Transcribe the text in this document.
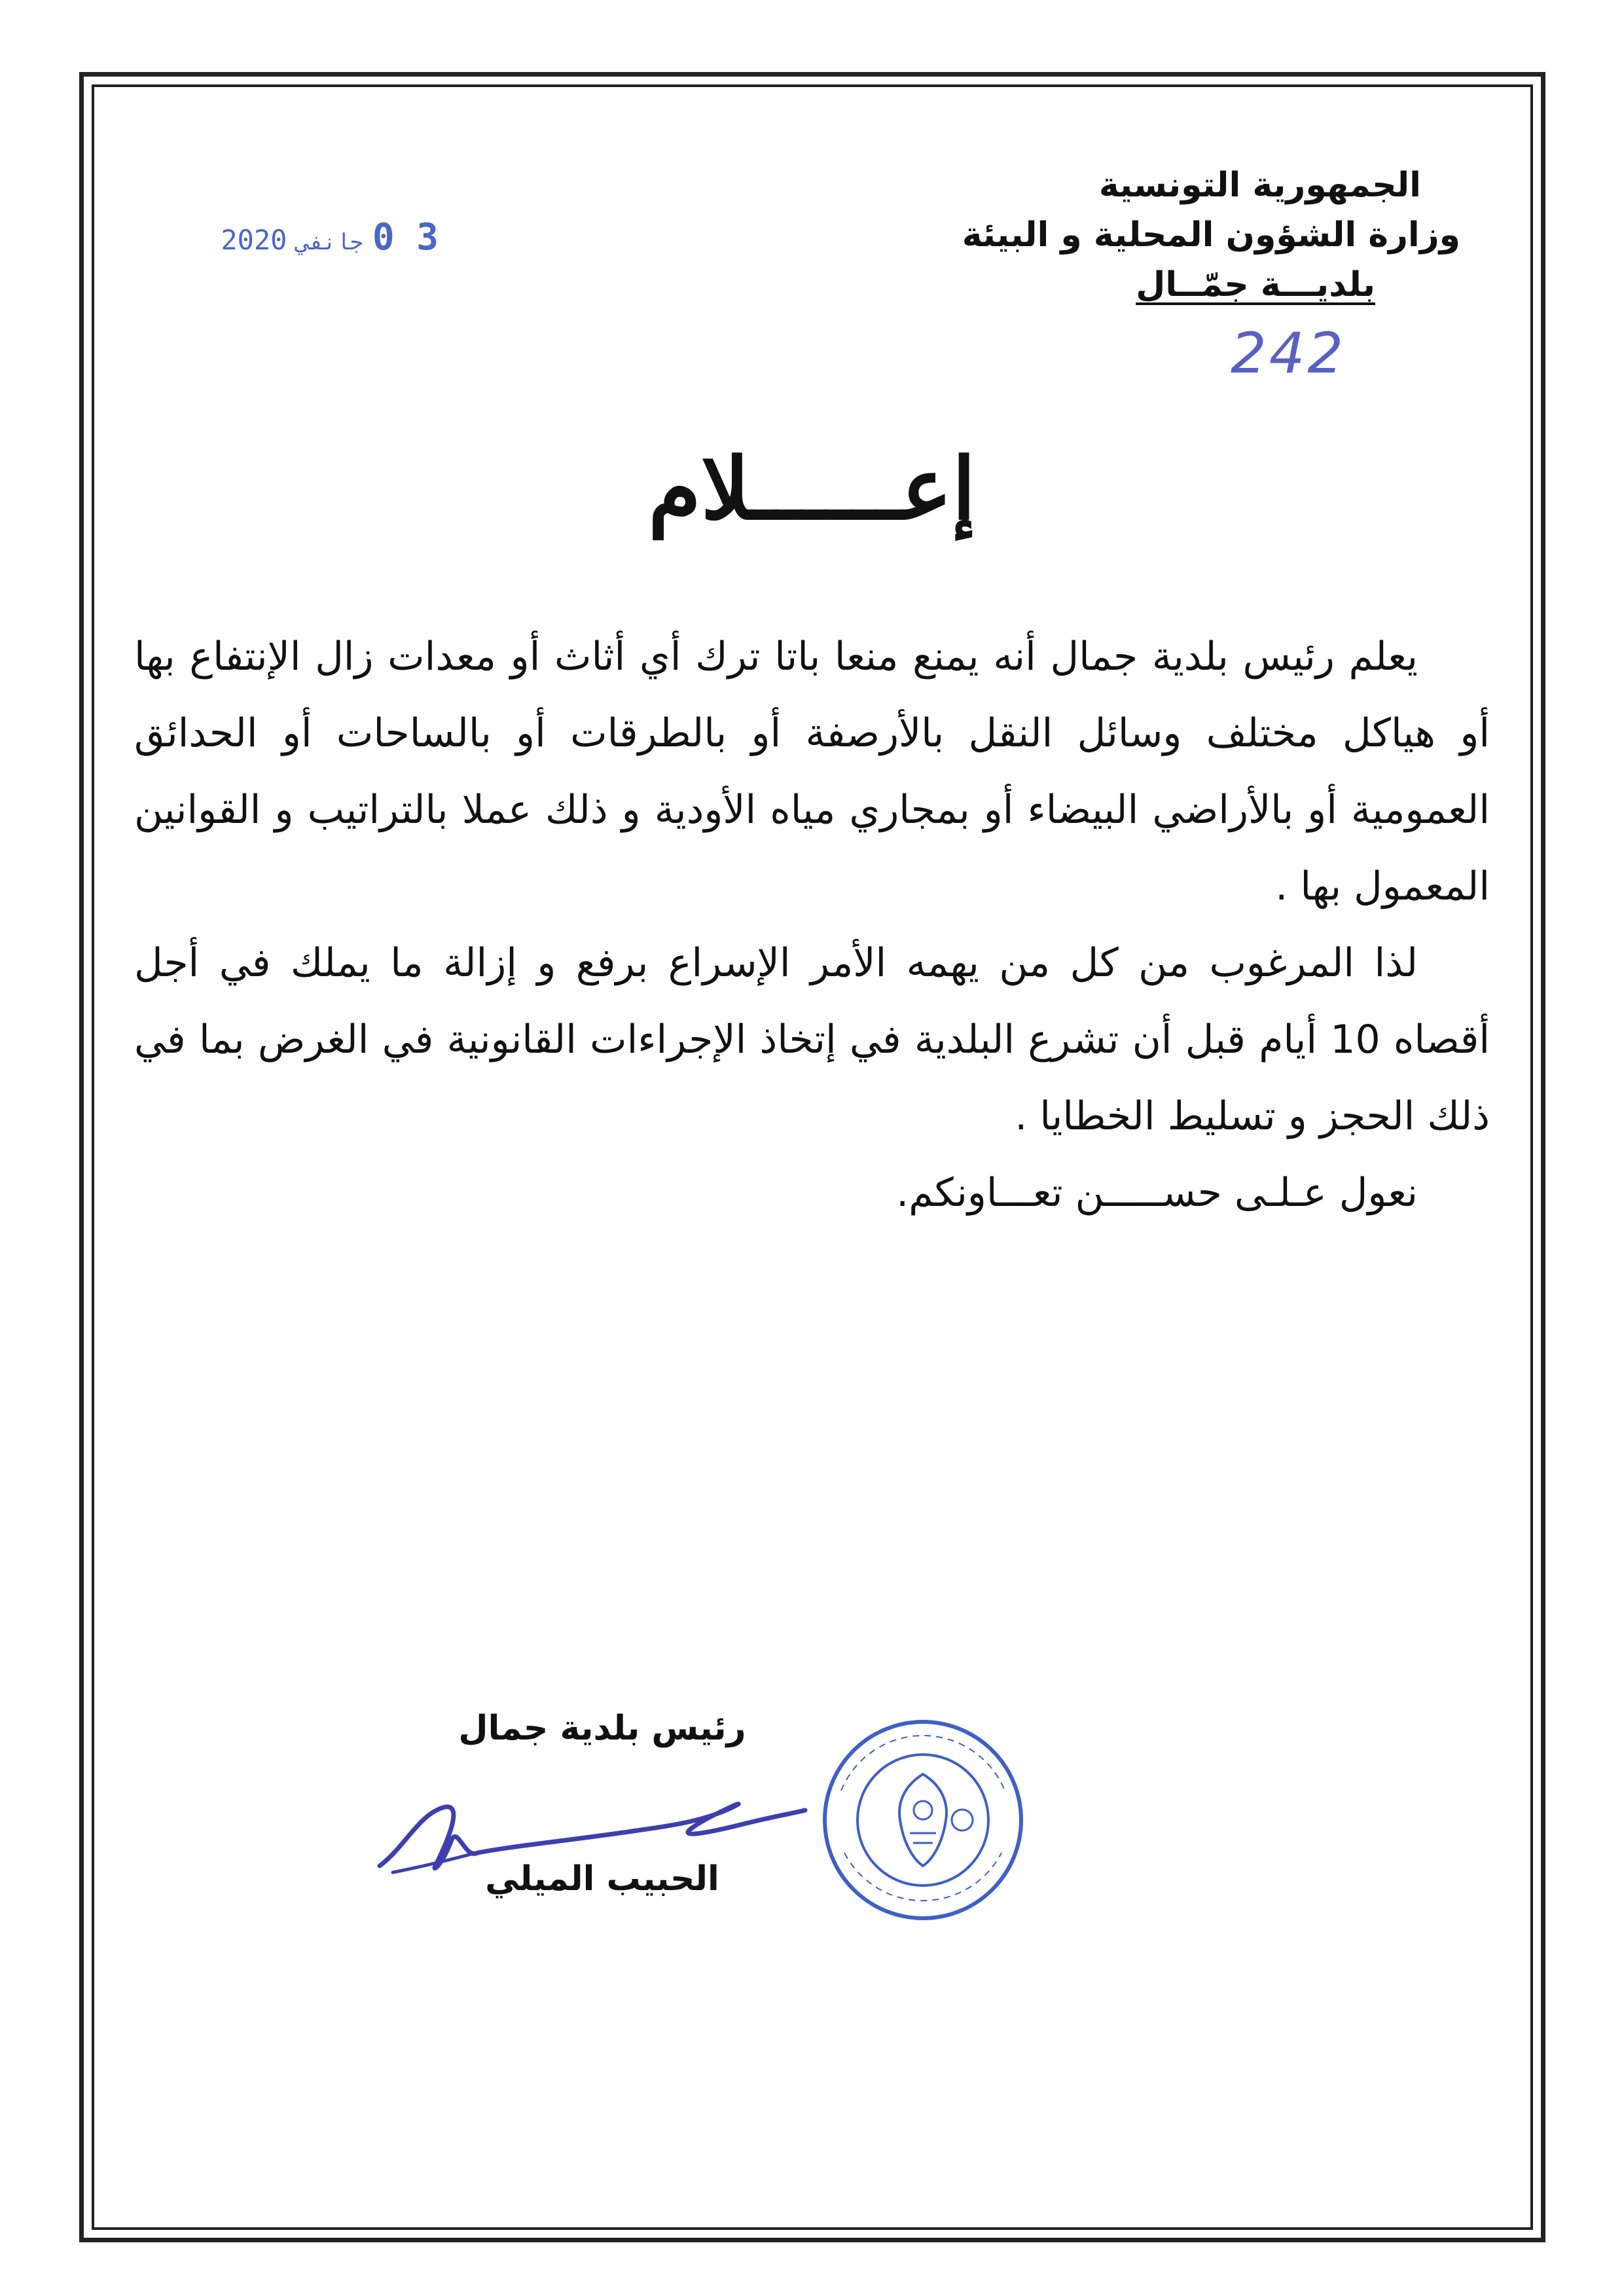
الجمهورية التونسية
وزارة الشؤون المحلية و البيئة
بلديـــة جمّــال
242
3 0جانفي2020
إعــــــلام

يعلم رئيس بلدية جمال أنه يمنع منعا باتا ترك أي أثاث أو معدات زال الإنتفاع بها أو هياكل مختلف وسائل النقل بالأرصفة أو بالطرقات أو بالساحات أو الحدائق العمومية أو بالأراضي البيضاء أو بمجاري مياه الأودية و ذلك عملا بالتراتيب و القوانين المعمول بها .

لذا المرغوب من كل من يهمه الأمر الإسراع برفع و إزالة ما يملك في أجل أقصاه 10 أيام قبل أن تشرع البلدية في إتخاذ الإجراءات القانونية في الغرض بما في ذلك الحجز و تسليط الخطايا .

نعول عـلـى حســـــن تعـــاونكم.

رئيس بلدية جمال
الحبيب الميلي
